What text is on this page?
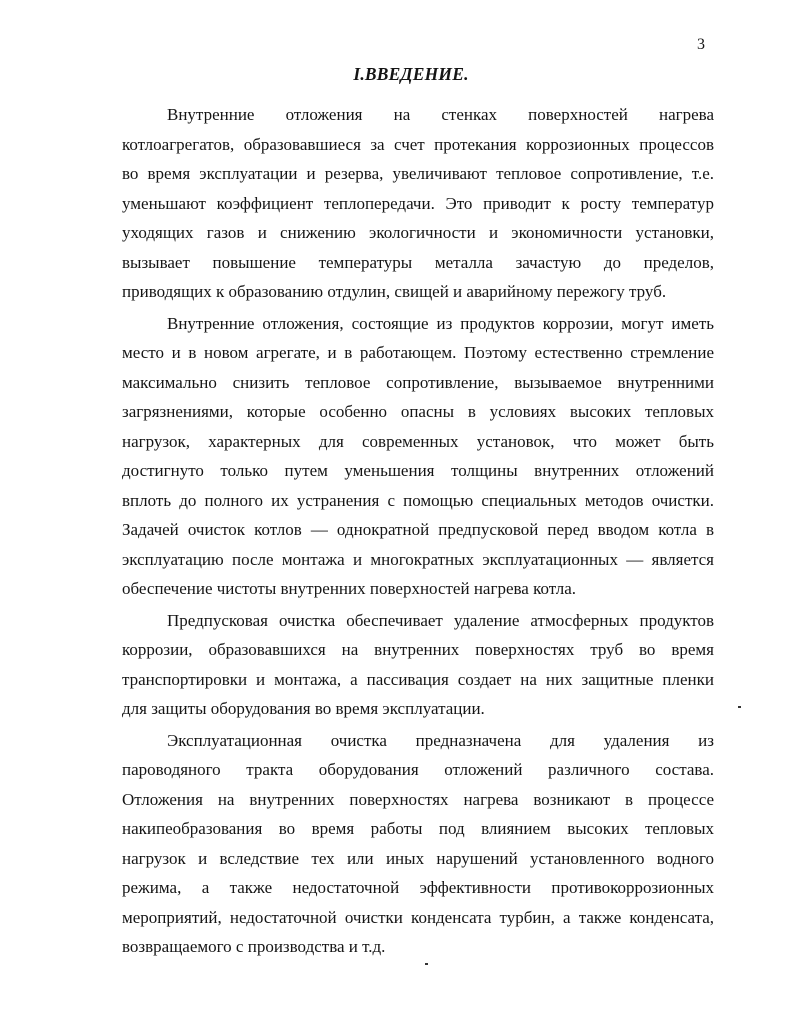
3
I.ВВЕДЕНИЕ.

Внутренние отложения на стенках поверхностей нагрева
котлоагрегатов, образовавшиеся за счет протекания коррозионных процессов
во время эксплуатации и резерва, увеличивают тепловое сопротивление, т.е.
уменьшают коэффициент теплопередачи. Это приводит к росту температур
уходящих газов и снижению экологичности и экономичности установки,
вызывает повышение температуры металла зачастую до пределов,
приводящих к образованию отдулин, свищей и аварийному пережогу труб.

Внутренние отложения, состоящие из продуктов коррозии, могут иметь
место и в новом агрегате, и в работающем. Поэтому естественно стремление
максимально снизить тепловое сопротивление, вызываемое внутренними
загрязнениями, которые особенно опасны в условиях высоких тепловых
нагрузок, характерных для современных установок, что может быть
достигнуто только путем уменьшения толщины внутренних отложений
вплоть до полного их устранения с помощью специальных методов очистки.
Задачей очисток котлов — однократной предпусковой перед вводом котла в
эксплуатацию после монтажа и многократных эксплуатационных — является
обеспечение чистоты внутренних поверхностей нагрева котла.

Предпусковая очистка обеспечивает удаление атмосферных продуктов
коррозии, образовавшихся на внутренних поверхностях труб во время
транспортировки и монтажа, а пассивация создает на них защитные пленки
для защиты оборудования во время эксплуатации.

Эксплуатационная очистка предназначена для удаления из
пароводяного тракта оборудования отложений различного состава.
Отложения на внутренних поверхностях нагрева возникают в процессе
накипеобразования во время работы под влиянием высоких тепловых
нагрузок и вследствие тех или иных нарушений установленного водного
режима, а также недостаточной эффективности противокоррозионных
мероприятий, недостаточной очистки конденсата турбин, а также конденсата,
возвращаемого с производства и т.д.
